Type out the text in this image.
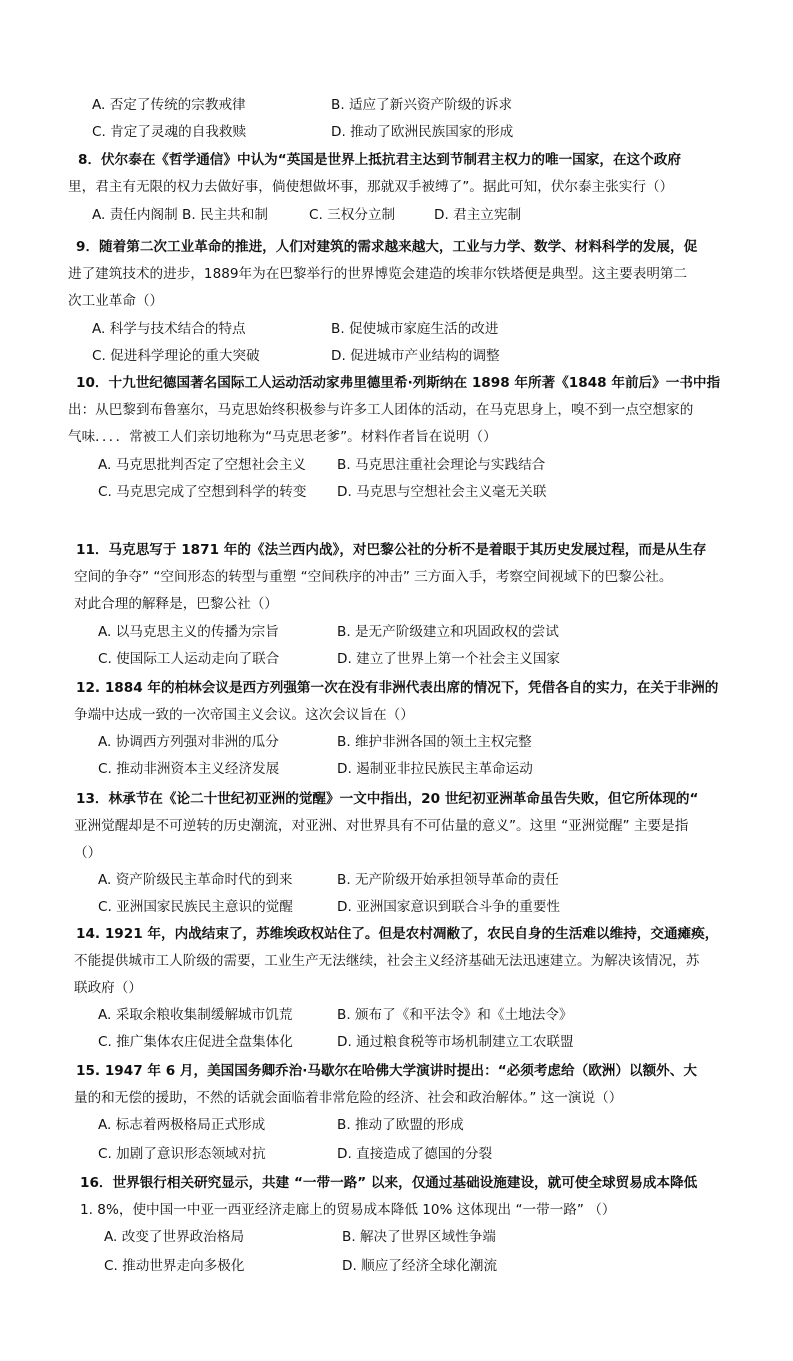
A. 否定了传统的宗教戒律	B. 适应了新兴资产阶级的诉求
C. 肯定了灵魂的自我救赎	D. 推动了欧洲民族国家的形成
8．伏尔泰在《哲学通信》中认为“英国是世界上抵抗君主达到节制君主权力的唯一国家，在这个政府
里，君主有无限的权力去做好事，倘使想做坏事，那就双手被缚了”。据此可知，伏尔泰主张实行（）
A. 责任内阁制 B. 民主共和制	C. 三权分立制	D. 君主立宪制
9．随着第二次工业革命的推进，人们对建筑的需求越来越大，工业与力学、数学、材料科学的发展，促
进了建筑技术的进步，1889年为在巴黎举行的世界博览会建造的埃菲尔铁塔便是典型。这主要表明第二
次工业革命（）
A. 科学与技术结合的特点	B. 促使城市家庭生活的改进
C. 促进科学理论的重大突破	D. 促进城市产业结构的调整
10．十九世纪德国著名国际工人运动活动家弗里德里希·列斯纳在 1898 年所著《1848 年前后》一书中指
出：从巴黎到布鲁塞尔，马克思始终积极参与许多工人团体的活动，在马克思身上，嗅不到一点空想家的
气味．．．．常被工人们亲切地称为“马克思老爹”。材料作者旨在说明（）
A. 马克思批判否定了空想社会主义 B. 马克思注重社会理论与实践结合
C. 马克思完成了空想到科学的转变 D. 马克思与空想社会主义毫无关联
11．马克思写于 1871 年的《法兰西内战》，对巴黎公社的分析不是着眼于其历史发展过程，而是从生存
空间的争夺” “空间形态的转型与重塑 “空间秩序的冲击” 三方面入手，考察空间视域下的巴黎公社。
对此合理的解释是，巴黎公社（）
A. 以马克思主义的传播为宗旨	B. 是无产阶级建立和巩固政权的尝试
C. 使国际工人运动走向了联合	D. 建立了世界上第一个社会主义国家
12. 1884 年的柏林会议是西方列强第一次在没有非洲代表出席的情况下，凭借各自的实力，在关于非洲的
争端中达成一致的一次帝国主义会议。这次会议旨在（）
A. 协调西方列强对非洲的瓜分	B. 维护非洲各国的领土主权完整
C. 推动非洲资本主义经济发展	D. 遏制亚非拉民族民主革命运动
13．林承节在《论二十世纪初亚洲的觉醒》一文中指出，20 世纪初亚洲革命虽告失败，但它所体现的“
亚洲觉醒却是不可逆转的历史潮流，对亚洲、对世界具有不可估量的意义”。这里 “亚洲觉醒” 主要是指
（）
A. 资产阶级民主革命时代的到来	B. 无产阶级开始承担领导革命的责任
C. 亚洲国家民族民主意识的觉醒	D. 亚洲国家意识到联合斗争的重要性
14. 1921 年，内战结束了，苏维埃政权站住了。但是农村凋敝了，农民自身的生活难以维持，交通瘫痪，
不能提供城市工人阶级的需要，工业生产无法继续，社会主义经济基础无法迅速建立。为解决该情况，苏
联政府（）
A. 采取余粮收集制缓解城市饥荒	B. 颁布了《和平法令》和《土地法令》
C. 推广集体农庄促进全盘集体化	D. 通过粮食税等市场机制建立工农联盟
15. 1947 年 6 月，美国国务卿乔治·马歇尔在哈佛大学演讲时提出：“必须考虑给（欧洲）以额外、大
量的和无偿的援助，不然的话就会面临着非常危险的经济、社会和政治解体。” 这一演说（）
A. 标志着两极格局正式形成	B. 推动了欧盟的形成
C. 加剧了意识形态领域对抗	D. 直接造成了德国的分裂
16．世界银行相关研究显示，共建 “一带一路” 以来，仅通过基础设施建设，就可使全球贸易成本降低
1. 8%，使中国一中亚一西亚经济走廊上的贸易成本降低 10% 这体现出 “一带一路” （）
A. 改变了世界政治格局	B. 解决了世界区域性争端
C. 推动世界走向多极化	D. 顺应了经济全球化潮流
